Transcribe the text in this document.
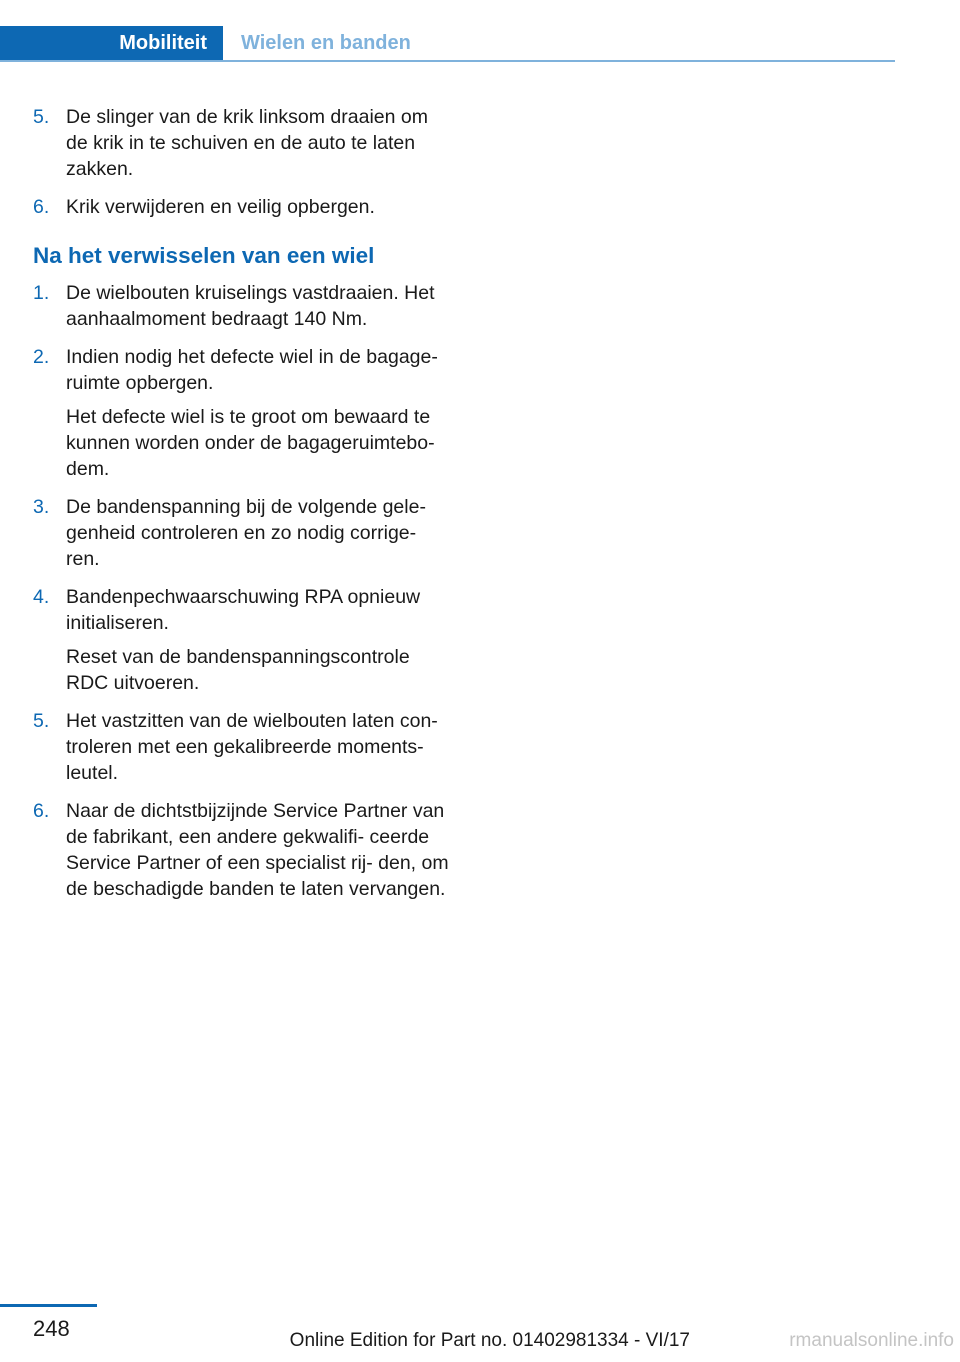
Mobiliteit	Wielen en banden
5. De slinger van de krik linksom draaien om de krik in te schuiven en de auto te laten zakken.

6. Krik verwijderen en veilig opbergen.

Na het verwisselen van een wiel
1. De wielbouten kruiselings vastdraaien. Het aanhaalmoment bedraagt 140 Nm.

2. Indien nodig het defecte wiel in de bagage‐ ruimte opbergen.

Het defecte wiel is te groot om bewaard te kunnen worden onder de bagageruimtebo‐ dem.

3. De bandenspanning bij de volgende gele‐ genheid controleren en zo nodig corrige‐ ren.

4. Bandenpechwaarschuwing RPA opnieuw initialiseren.

Reset van de bandenspanningscontrole RDC uitvoeren.

5. Het vastzitten van de wielbouten laten con‐ troleren met een gekalibreerde moments‐ leutel.

6. Naar de dichtstbijzijnde Service Partner van de fabrikant, een andere gekwalifi‐ ceerde Service Partner of een specialist rij‐ den, om de beschadigde banden te laten vervangen.

248	Online Edition for Part no. 01402981334 - VI/17	rmanualsonline.info
